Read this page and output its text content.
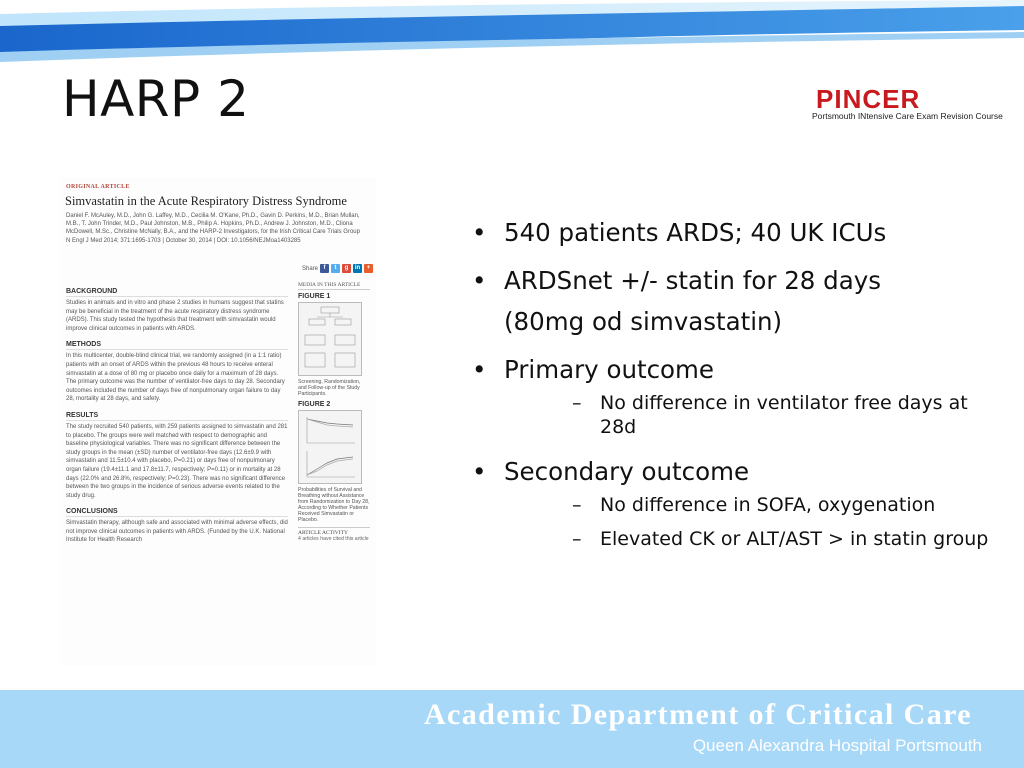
HARP 2	PINCER
Portsmouth INtensive Care Exam Revision Course
ORIGINAL ARTICLE
Simvastatin in the Acute Respiratory Distress Syndrome
Daniel F. McAuley, M.D., John G. Laffey, M.D., Cecilia M. O'Kane, Ph.D., Gavin D. Perkins, M.D., Brian Mullan, M.B., T. John Trinder, M.D., Paul Johnston, M.B., Philip A. Hopkins, Ph.D., Andrew J. Johnston, M.D., Cliona McDowell, M.Sc., Christine McNally, B.A., and the HARP-2 Investigators, for the Irish Critical Care Trials Group
N Engl J Med 2014; 371:1695-1703 | October 30, 2014 | DOI: 10.1056/NEJMoa1403285
Share f	t	g	in	+
BACKGROUND

Studies in animals and in vitro and phase 2 studies in humans suggest that statins may be beneficial in the treatment of the acute respiratory distress syndrome (ARDS). This study tested the hypothesis that treatment with simvastatin would improve clinical outcomes in patients with ARDS.

METHODS

In this multicenter, double-blind clinical trial, we randomly assigned (in a 1:1 ratio) patients with an onset of ARDS within the previous 48 hours to receive enteral simvastatin at a dose of 80 mg or placebo once daily for a maximum of 28 days. The primary outcome was the number of ventilator-free days to day 28. Secondary outcomes included the number of days free of nonpulmonary organ failure to day 28, mortality at 28 days, and safety.

RESULTS

The study recruited 540 patients, with 259 patients assigned to simvastatin and 281 to placebo. The groups were well matched with respect to demographic and baseline physiological variables. There was no significant difference between the study groups in the mean (±SD) number of ventilator-free days (12.6±9.9 with simvastatin and 11.5±10.4 with placebo, P=0.21) or days free of nonpulmonary organ failure (19.4±11.1 and 17.8±11.7, respectively; P=0.11) or in mortality at 28 days (22.0% and 26.8%, respectively; P=0.23). There was no significant difference between the two groups in the incidence of serious adverse events related to the study drug.

CONCLUSIONS

Simvastatin therapy, although safe and associated with minimal adverse effects, did not improve clinical outcomes in patients with ARDS. (Funded by the U.K. National Institute for Health Research

MEDIA IN THIS ARTICLE
FIGURE 1
Screening, Randomization, and Follow-up of the Study Participants.
FIGURE 2
Probabilities of Survival and Breathing without Assistance from Randomization to Day 28, According to Whether Patients Received Simvastatin or Placebo.
ARTICLE ACTIVITY
4 articles have cited this article
• 540 patients ARDS; 40 UK ICUs
• ARDSnet +/- statin for 28 days
(80mg od simvastatin)
• Primary outcome
– No difference in ventilator free days at 28d
• Secondary outcome
– No difference in SOFA, oxygenation
– Elevated CK or ALT/AST > in statin group
Academic Department of Critical Care
Queen Alexandra Hospital Portsmouth
